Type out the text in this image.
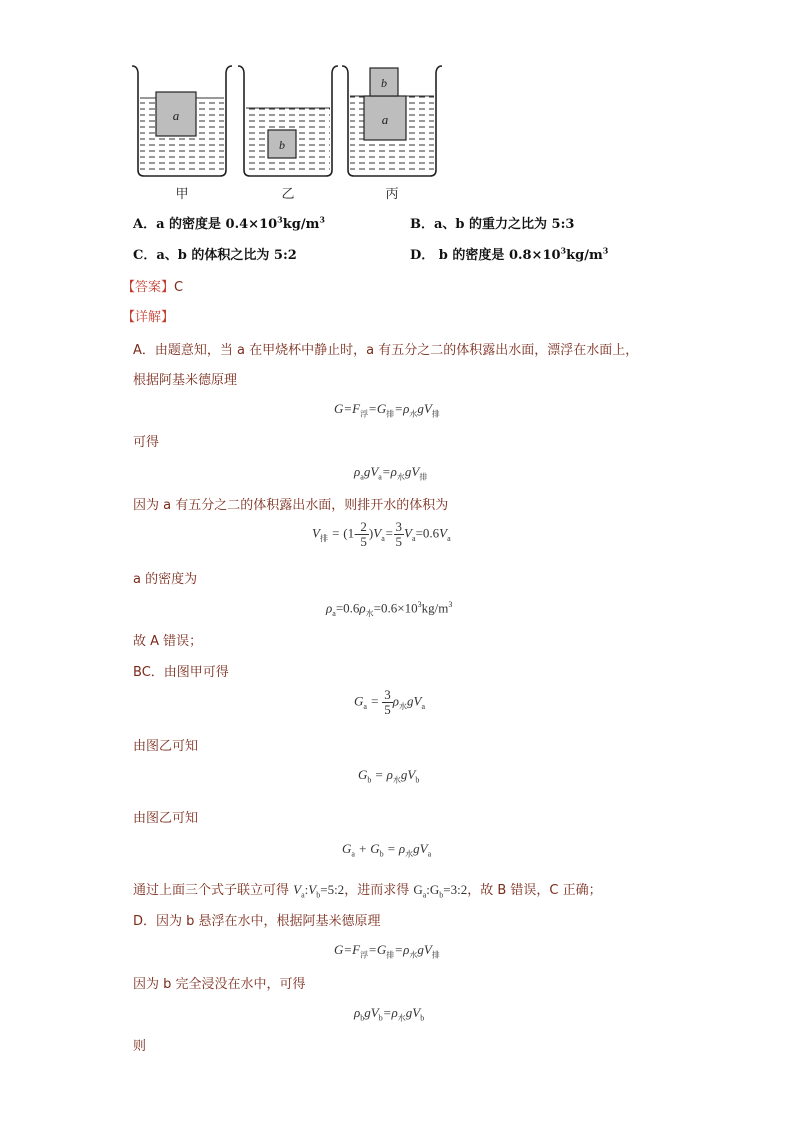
a
b
a
b
甲	乙	丙
A．a 的密度是 $0.4\times 10^3kg/m^3$	B．a、b 的重力之比为 5:3
C．a、b 的体积之比为 5:2	D． b 的密度是 $0.8\times 10^3kg/m^3$
【答案】C
【详解】
A．由题意知，当 a 在甲烧杯中静止时，a 有五分之二的体积露出水面，漂浮在水面上，
根据阿基米德原理
$G=F_浮=G_排=\rho_水gV_排$
可得
$\rho_agV_a=\rho_水gV_排$
因为 a 有五分之二的体积露出水面，则排开水的体积为
$V_排 = (1- \frac{2}{5} )V_a= \frac{3}{5} V_a=0.6V_a$
a 的密度为
$\rho_a=0.6\rho_水=0.6\times 10^3kg/m^3$
故 A 错误；
BC．由图甲可得
$G_a = \frac{3}{5} \rho_水gV_a$
由图乙可知
$G_b = \rho_水gV_b$
由图乙可知
$G_a + G_b = \rho_水gV_a$
通过上面三个式子联立可得 $V_a:V_b=5:2$，进而求得 $G_a:G_b=3:2$，故 B 错误，C 正确；
D．因为 b 悬浮在水中，根据阿基米德原理
$G=F_浮=G_排=\rho_水gV_排$
因为 b 完全浸没在水中，可得
$\rho_bgV_b=\rho_水gV_b$
则
